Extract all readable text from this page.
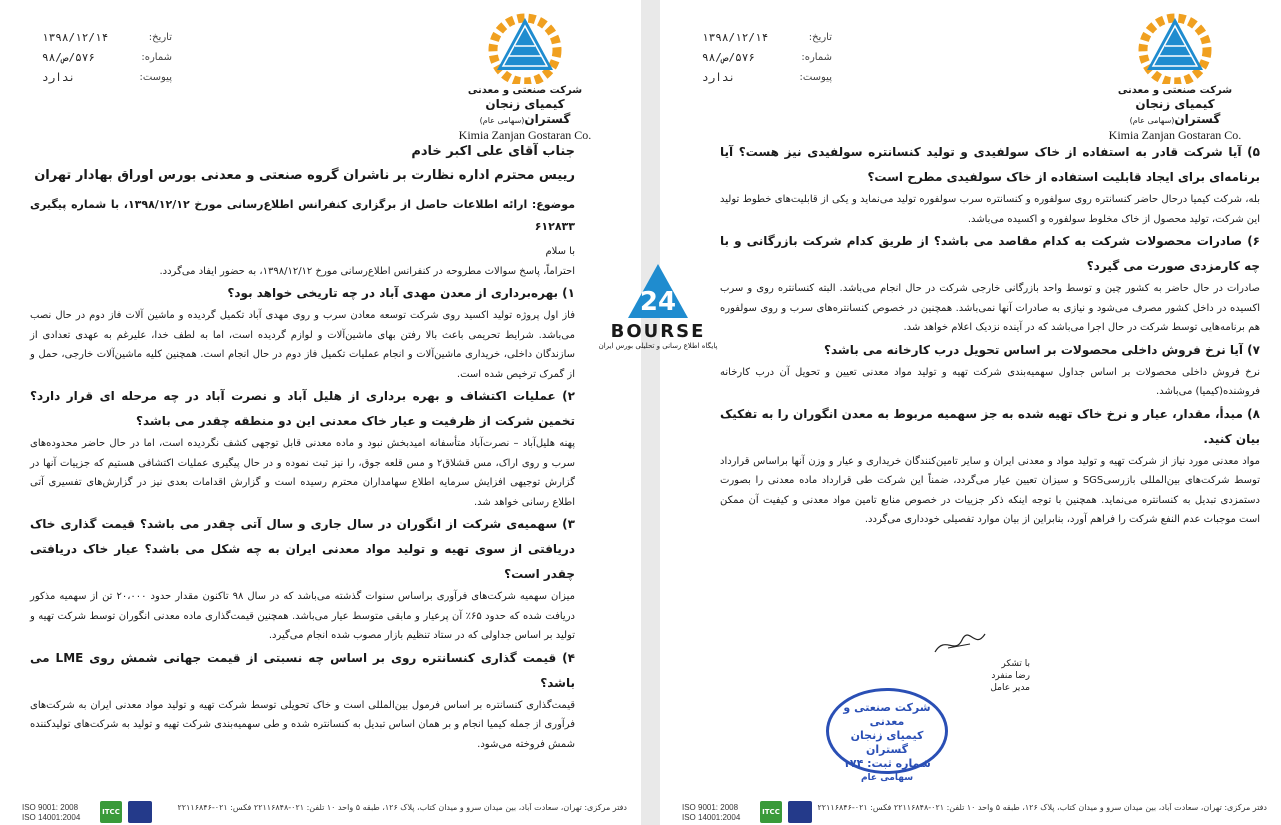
شرکت صنعتی و معدنی
کیمیای زنجان گستران(سهامی عام)
Kimia Zanjan Gostaran Co.
تاریخ:
۱۳۹۸/۱۲/۱۴
شماره:
۵۷۶/ص/۹۸
پیوست:
ندارد

جناب آقای علی اکبر خادم

رییس محترم اداره نظارت بر ناشران گروه صنعتی و معدنی بورس اوراق بهادار تهران

موضوع: ارائه اطلاعات حاصل از برگزاری کنفرانس اطلاع‌رسانی مورخ ۱۳۹۸/۱۲/۱۲، با شماره پیگیری ۶۱۲۸۳۳

با سلام

احتراماً، پاسخ سوالات مطروحه در کنفرانس اطلاع‌رسانی مورخ ۱۳۹۸/۱۲/۱۲، به حضور ایفاد می‌گردد.

۱) بهره‌برداری از معدن مهدی آباد در چه تاریخی خواهد بود؟

فاز اول پروژه تولید اکسید روی شرکت توسعه معادن سرب و روی مهدی آباد تکمیل گردیده و ماشین آلات فاز دوم در حال نصب می‌باشد. شرایط تحریمی باعث بالا رفتن بهای ماشین‌آلات و لوازم گردیده است، اما به لطف خدا، علیرغم به عهدی تعدادی از سازندگان داخلی، خریداری ماشین‌آلات و انجام عملیات تکمیل فاز دوم در حال انجام است. همچنین کلیه ماشین‌آلات خارجی، حمل و از گمرک ترخیص شده است.

۲) عملیات اکتشاف و بهره برداری از هلیل آباد و نصرت آباد در چه مرحله ای قرار دارد؟ تخمین شرکت از ظرفیت و عیار خاک معدنی این دو منطقه چقدر می باشد؟

پهنه هلیل‌آباد – نصرت‌آباد متأسفانه امیدبخش نبود و ماده معدنی قابل توجهی کشف نگردیده است، اما در حال حاضر محدوده‌های سرب و روی اراک، مس قشلاق۲ و مس قلعه جوق، را نیز ثبت نموده و در حال پیگیری عملیات اکتشافی هستیم که جزییات آنها در گزارش توجیهی افزایش سرمایه اطلاع سهامداران محترم رسیده است و گزارش اقدامات بعدی نیز در گزارش‌های تفسیری آتی اطلاع رسانی خواهد شد.

۳) سهمیه‌ی شرکت از انگوران در سال جاری و سال آتی چقدر می باشد؟ قیمت گذاری خاک دریافتی از سوی تهیه و تولید مواد معدنی ایران به چه شکل می باشد؟ عیار خاک دریافتی چقدر است؟

میزان سهمیه شرکت‌های فرآوری براساس سنوات گذشته می‌باشد که در سال ۹۸ تاکنون مقدار حدود ۲۰،۰۰۰ تن از سهمیه مذکور دریافت شده که حدود ۶۵٪ آن پرعیار و مابقی متوسط عیار می‌باشد. همچنین قیمت‌گذاری ماده معدنی انگوران توسط شرکت تهیه و تولید بر اساس جداولی که در ستاد تنظیم بازار مصوب شده انجام می‌گیرد.

۴) قیمت گذاری کنسانتره روی بر اساس چه نسبتی از قیمت جهانی شمش روی LME می باشد؟

قیمت‌گذاری کنسانتره بر اساس فرمول بین‌المللی است و خاک تحویلی توسط شرکت تهیه و تولید مواد معدنی ایران به شرکت‌های فرآوری از جمله کیمیا انجام و بر همان اساس تبدیل به کنسانتره شده و طی سهمیه‌بندی شرکت تهیه و تولید به شرکت‌های تولیدکننده شمش فروخته می‌شود.

ISO 9001: 2008
ISO 14001:2004
ITCC	دفتر مرکزی: تهران، سعادت آباد، بین میدان سرو و میدان کتاب، پلاک ۱۲۶، طبقه ۵ واحد ۱۰ تلفن: ۰۲۱-۲۲۱۱۶۸۴۸ فکس: ۰۲۱-۲۲۱۱۶۸۴۶
شرکت صنعتی و معدنی
کیمیای زنجان گستران(سهامی عام)
Kimia Zanjan Gostaran Co.
تاریخ:
۱۳۹۸/۱۲/۱۴
شماره:
۵۷۶/ص/۹۸
پیوست:
ندارد

۵) آیا شرکت قادر به استفاده از خاک سولفیدی و تولید کنسانتره سولفیدی نیز هست؟ آیا برنامه‌ای برای ایجاد قابلیت استفاده از خاک سولفیدی مطرح است؟

بله، شرکت کیمیا درحال حاضر کنسانتره روی سولفوره و کنسانتره سرب سولفوره تولید می‌نماید و یکی از قابلیت‌های خطوط تولید این شرکت، تولید محصول از خاک مخلوط سولفوره و اکسیده می‌باشد.

۶) صادرات محصولات شرکت به کدام مقاصد می باشد؟ از طریق کدام شرکت بازرگانی و با چه کارمزدی صورت می گیرد؟

صادرات در حال حاضر به کشور چین و توسط واحد بازرگانی خارجی شرکت در حال انجام می‌باشد. البته کنسانتره روی و سرب اکسیده در داخل کشور مصرف می‌شود و نیازی به صادرات آنها نمی‌باشد. همچنین در خصوص کنسانتره‌های سرب و روی سولفوره هم برنامه‌هایی توسط شرکت در حال اجرا می‌باشد که در آینده نزدیک اعلام خواهد شد.

۷) آیا نرخ فروش داخلی محصولات بر اساس تحویل درب کارخانه می باشد؟

نرخ فروش داخلی محصولات بر اساس جداول سهمیه‌بندی شرکت تهیه و تولید مواد معدنی تعیین و تحویل آن درب کارخانه فروشنده(کیمیا) می‌باشد.

۸) مبدأ، مقدار، عیار و نرخ خاک تهیه شده به جز سهمیه مربوط به معدن انگوران را به تفکیک بیان کنید.

مواد معدنی مورد نیاز از شرکت تهیه و تولید مواد و معدنی ایران و سایر تامین‌کنندگان خریداری و عیار و وزن آنها براساس قرارداد توسط شرکت‌های بین‌المللی بازرسیSGS و سیزان تعیین عیار می‌گردد، ضمناً این شرکت طی قرارداد ماده معدنی را بصورت دستمزدی تبدیل به کنسانتره می‌نماید. همچنین با توجه اینکه ذکر جزییات در خصوص منابع تامین مواد معدنی و کیفیت آن ممکن است موجبات عدم النفع شرکت را فراهم آورد، بنابراین از بیان موارد تفصیلی خودداری می‌گردد.

ISO 9001: 2008
ISO 14001:2004
ITCC	دفتر مرکزی: تهران، سعادت آباد، بین میدان سرو و میدان کتاب، پلاک ۱۲۶، طبقه ۵ واحد ۱۰ تلفن: ۰۲۱-۲۲۱۱۶۸۴۸ فکس: ۰۲۱-۲۲۱۱۶۸۴۶
با تشکر
رضا منفرد
مدیر عامل
شرکت صنعتی و معدنی
کیمیای زنجان گستران
شماره ثبت: ۱۷۴
سهامی عام
24
BOURSE
پایگاه اطلاع رسانی و تحلیلی بورس ایران
